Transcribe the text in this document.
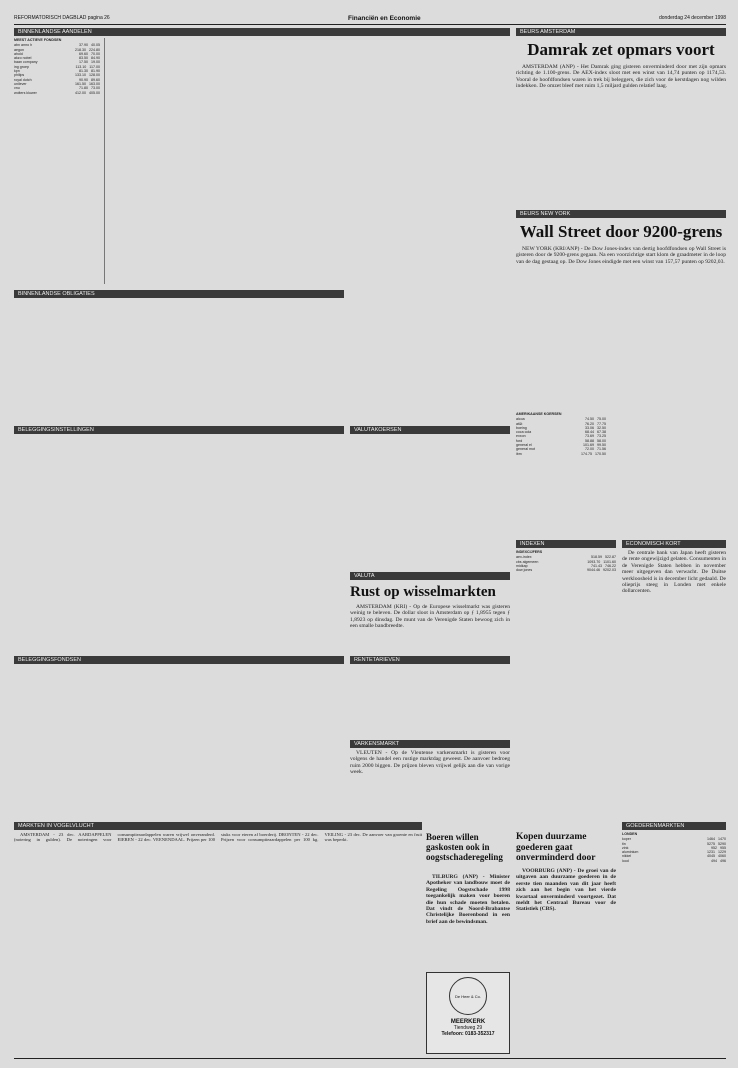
REFORMATORISCH DAGBLAD pagina 26	Financiën en Economie	donderdag 24 december 1998
BINNENLANDSE AANDELEN
MEEST ACTIEVE FONDSEN
abn amro h	37.90 40.05
aegon	218.30 224.80
ahold	69.60 70.00
akzo nobel	83.50 84.90
baan company	17.50 19.00
ing groep	113.10 117.00
kpn	81.30 81.90
philips	133.10 128.00
royal dutch	90.90 89.60
unilever	161.50 163.00
vnu	71.80 73.00
wolters kluwer	412.00 405.00
BINNENLANDSE OBLIGATIES
BELEGGINGSINSTELLINGEN
BELEGGINGSFONDSEN
MARKTEN IN VOGELVLUCHT

AMSTERDAM - 23 dec. AARDAPPELEN (notering in gulden). De noteringen voor consumptieaardappelen waren vrijwel onveranderd. EIEREN - 22 dec. VEENENDAAL. Prijzen per 100 stuks voor eieren af boerderij. DRONTEN - 22 dec. Prijzen voor consumptieaardappelen per 100 kg. VEILING - 23 dec. De aanvoer van groente en fruit was beperkt.

VALUTAKOERSEN
VALUTA
Rust op wisselmarkten

AMSTERDAM (KRI) - Op de Europese wisselmarkt was gisteren weinig te beleven. De dollar sloot in Amsterdam op ƒ 1,8955 tegen ƒ 1,8923 op dinsdag. De munt van de Verenigde Staten bewoog zich in een smalle bandbreedte.

RENTETARIEVEN
VARKENSMARKT

VLEUTEN - Op de Vleutense varkensmarkt is gisteren voor volgens de handel een rustige marktdag geweest. De aanvoer bedroeg ruim 2000 biggen. De prijzen bleven vrijwel gelijk aan die van vorige week.

Boeren willen gaskosten ook in oogstschaderegeling

TILBURG (ANP) - Minister Apotheker van landbouw moet de Regeling Oogstschade 1998 toegankelijk maken voor boeren die hun schade moeten betalen. Dat vindt de Noord-Brabantse Christelijke Boerenbond in een brief aan de bewindsman.

De Heer & Co.
MEERKERK
Tiendweg 29
Telefoon: 0183-352317
BEURS AMSTERDAM
Damrak zet opmars voort

AMSTERDAM (ANP) - Het Damrak ging gisteren onverminderd door met zijn opmars richting de 1.100-grens. De AEX-index sloot met een winst van 14,74 punten op 1174,53. Vooral de hoofdfondsen waren in trek bij beleggers, die zich voor de kerstdagen nog wilden indekken. De omzet bleef met ruim 1,5 miljard gulden relatief laag.

BEURS NEW YORK
Wall Street door 9200-grens

NEW YORK (KRI/ANP) - De Dow Jones-index van dertig hoofdfondsen op Wall Street is gisteren door de 9200-grens gegaan. Na een voorzichtige start klom de graadmeter in de loop van de dag gestaag op. De Dow Jones eindigde met een winst van 157,57 punten op 9202,03.

AMERIKAANSE KOERSEN
alcoa	74.50 75.00
at&t	76.20 77.75
boeing	33.06 32.50
coca cola	68.44 67.38
exxon	73.69 73.25
ford	58.88 58.00
general el	101.69 99.50
general mot	72.00 71.56
ibm	174.75 170.50
INDEXEN
INDEXCIJFERS
aex-index	518.59 522.87
cbs algemeen	1093.70 1101.60
midkap	741.43 746.22
dow jones	9044.46 9202.03
ECONOMISCH KORT

De centrale bank van Japan heeft gisteren de rente ongewijzigd gelaten. Consumenten in de Verenigde Staten hebben in november meer uitgegeven dan verwacht. De Duitse werkloosheid is in december licht gedaald. De olieprijs steeg in Londen met enkele dollarcenten.

Kopen duurzame goederen gaat onverminderd door

VOORBURG (ANP) - De groei van de uitgaven aan duurzame goederen in de eerste tien maanden van dit jaar heeft zich aan het begin van het vierde kwartaal onverminderd voortgezet. Dat meldt het Centraal Bureau voor de Statistiek (CBS).

GOEDERENMARKTEN
LONDEN
koper	1464 1470
tin	5275 5290
zink	952 955
aluminium	1231 1229
nikkel	4045 4060
lood	494 496
